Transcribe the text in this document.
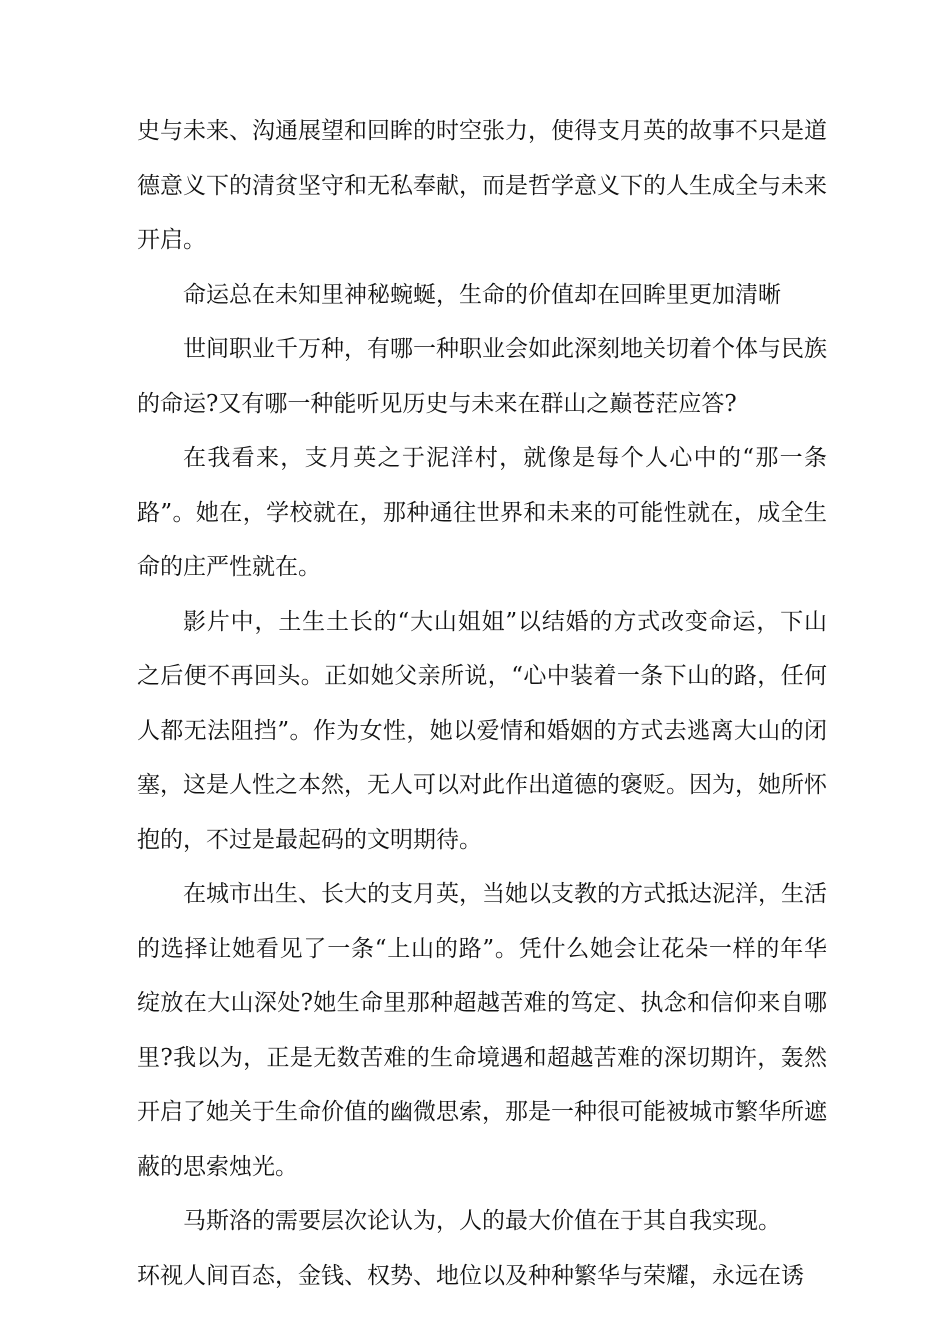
史与未来、沟通展望和回眸的时空张力，使得支月英的故事不只是道德意义下的清贫坚守和无私奉献，而是哲学意义下的人生成全与未来开启。

命运总在未知里神秘蜿蜒，生命的价值却在回眸里更加清晰

世间职业千万种，有哪一种职业会如此深刻地关切着个体与民族的命运?又有哪一种能听见历史与未来在群山之巅苍茫应答?

在我看来，支月英之于泥洋村，就像是每个人心中的“那一条路”。她在，学校就在，那种通往世界和未来的可能性就在，成全生命的庄严性就在。

影片中，土生土长的“大山姐姐”以结婚的方式改变命运，下山之后便不再回头。正如她父亲所说，“心中装着一条下山的路，任何人都无法阻挡”。作为女性，她以爱情和婚姻的方式去逃离大山的闭塞，这是人性之本然，无人可以对此作出道德的褒贬。因为，她所怀抱的，不过是最起码的文明期待。

在城市出生、长大的支月英，当她以支教的方式抵达泥洋，生活的选择让她看见了一条“上山的路”。凭什么她会让花朵一样的年华绽放在大山深处?她生命里那种超越苦难的笃定、执念和信仰来自哪里?我以为，正是无数苦难的生命境遇和超越苦难的深切期许，轰然开启了她关于生命价值的幽微思索，那是一种很可能被城市繁华所遮蔽的思索烛光。

马斯洛的需要层次论认为，人的最大价值在于其自我实现。

环视人间百态，金钱、权势、地位以及种种繁华与荣耀，永远在诱
